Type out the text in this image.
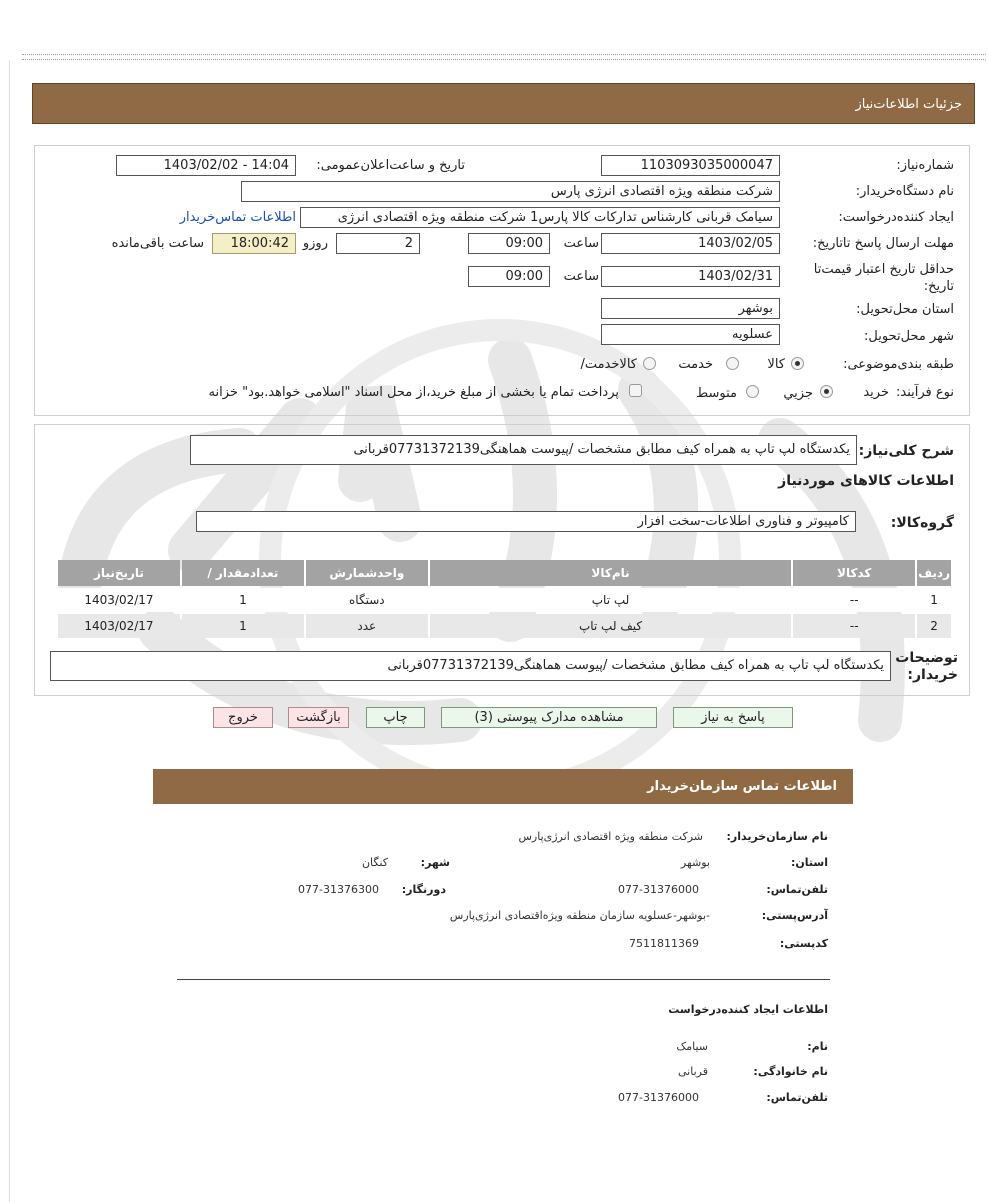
جزئیات اطلاعات‌نیاز
شماره‌نیاز:
1103093035000047
تاریخ و ساعت‌اعلان‌عمومی:
1403/02/02 - 14:04
نام دستگاه‌خریدار:
شرکت منطقه ویژه اقتصادی انرژی پارس
ایجاد کننده‌درخواست:
سیامک قربانی کارشناس تدارکات کالا پارس1 شرکت منطقه ویژه اقتصادی انرژی
اطلاعات تماس‌خریدار
مهلت ارسال پاسخ تا‌تاریخ:
1403/02/05
ساعت
09:00
2
روزو
18:00:42
ساعت باقی‌مانده
حداقل تاریخ اعتبار قیمت‌تا تاریخ:
1403/02/31
ساعت
09:00
استان محل‌تحویل:
بوشهر
شهر محل‌تحویل:
عسلویه
طبقه بندی‌موضوعی:
کالا
خدمت
کالا‌خدمت/
نوع فرآیند:
خرید
جزیي
متوسط
پرداخت تمام یا بخشی از مبلغ خرید،از محل اسناد "اسلامی خواهد.بود" خزانه
شرح کلی‌نیاز:
یکدستگاه لپ تاپ به همراه کیف مطابق مشخصات /پیوست هماهنگی07731372139قربانی
اطلاعات کالاهای موردنیاز
گروه‌کالا:
کامپیوتر و فناوری اطلاعات-سخت افزار
ردیف	کدکالا	نام‌کالا	واحدشمارش	تعدادمقدار /	تاریخ‌نیاز
1	--	لپ تاپ	دستگاه	1	1403/02/17
2	--	کیف لپ تاپ	عدد	1	1403/02/17
توضیحات خریدار:
یکدستگاه لپ تاپ به همراه کیف مطابق مشخصات /پیوست هماهنگی07731372139قربانی
پاسخ به نیاز
مشاهده مدارک پیوستی (3)
چاپ
بازگشت
خروج
اطلاعات تماس سازمان‌خریدار
نام سازمان‌خریدار:
شرکت منطقه ویژه اقتصادی انرژی‌پارس
استان:
بوشهر
شهر:
کنگان
تلفن‌تماس:
077-31376000
دورنگار:
077-31376300
آدرس‌پستی:
-بوشهر-عسلویه سازمان منطقه ویژه‌اقتصادی انرژی‌پارس
کد‌پستی:
7511811369
اطلاعات ایجاد کننده‌درخواست
نام:
سیامک
نام خانوادگی:
قربانی
تلفن‌تماس:
077-31376000
